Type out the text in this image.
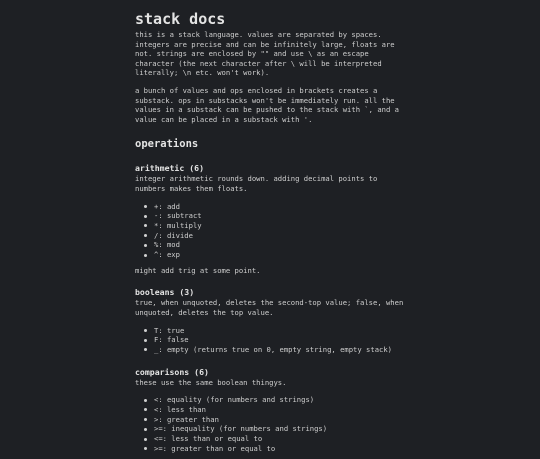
stack docs

this is a stack language. values are separated by spaces. integers are precise and can be infinitely large, floats are not. strings are enclosed by "" and use \ as an escape character (the next character after \ will be interpreted literally; \n etc. won't work).

a bunch of values and ops enclosed in brackets creates a substack. ops in substacks won't be immediately run. all the values in a substack can be pushed to the stack with `, and a value can be placed in a substack with '.

operations
arithmetic (6)

integer arithmetic rounds down. adding decimal points to numbers makes them floats.

+: add
-: subtract
*: multiply
/: divide
%: mod
^: exp

might add trig at some point.

booleans (3)

true, when unquoted, deletes the second-top value; false, when unquoted, deletes the top value.

T: true
F: false
_: empty (returns true on 0, empty string, empty stack)
comparisons (6)

these use the same boolean thingys.

<: equality (for numbers and strings)
<: less than
>: greater than
>=: inequality (for numbers and strings)
<=: less than or equal to
>=: greater than or equal to
